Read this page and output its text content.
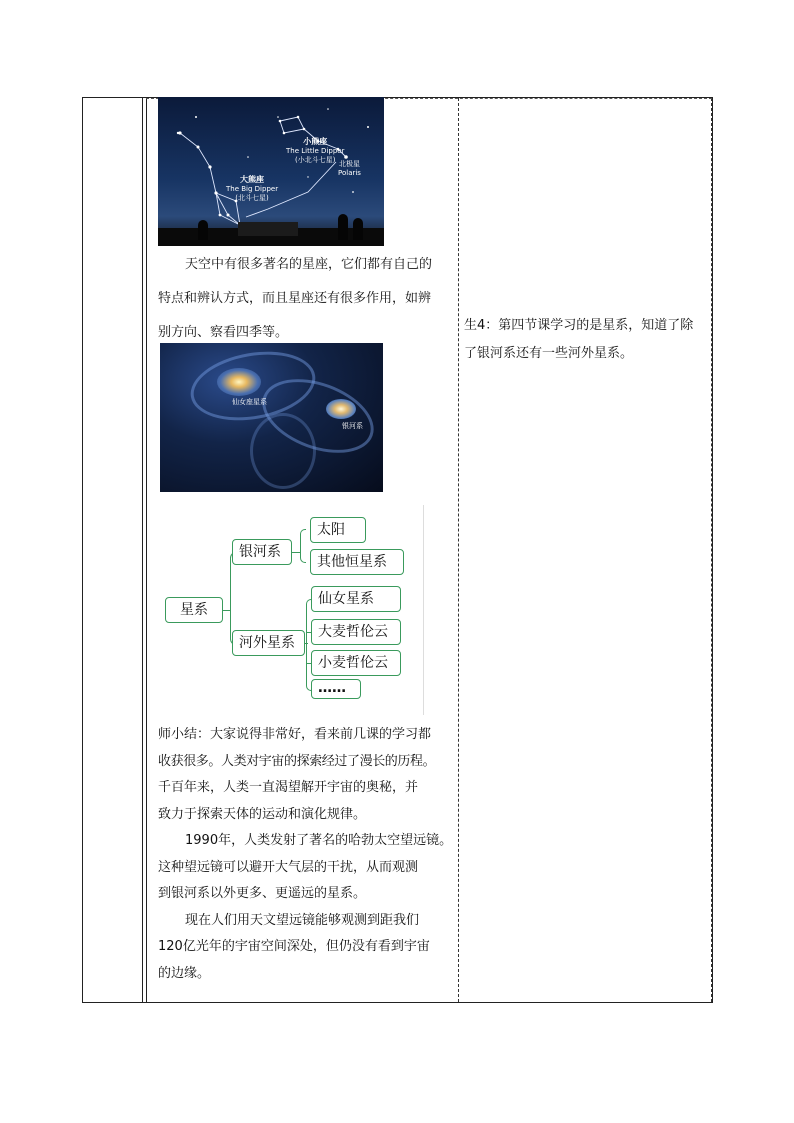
小熊座
The Little Dipper
(小北斗七星) 北极星
Polaris
大熊座
The Big Dipper
(北斗七星)
天空中有很多著名的星座，它们都有自己的
特点和辨认方式，而且星座还有很多作用，如辨
别方向、察看四季等。
仙女座星系
银河系
星系
银河系
河外星系
太阳
其他恒星系
仙女星系
大麦哲伦云
小麦哲伦云
……
师小结：大家说得非常好，看来前几课的学习都
收获很多。人类对宇宙的探索经过了漫长的历程。
千百年来，人类一直渴望解开宇宙的奥秘，并
致力于探索天体的运动和演化规律。
1990年，人类发射了著名的哈勃太空望远镜。
这种望远镜可以避开大气层的干扰，从而观测
到银河系以外更多、更遥远的星系。
现在人们用天文望远镜能够观测到距我们
120亿光年的宇宙空间深处，但仍没有看到宇宙
的边缘。
生4：第四节课学习的是星系，知道了除
了银河系还有一些河外星系。
